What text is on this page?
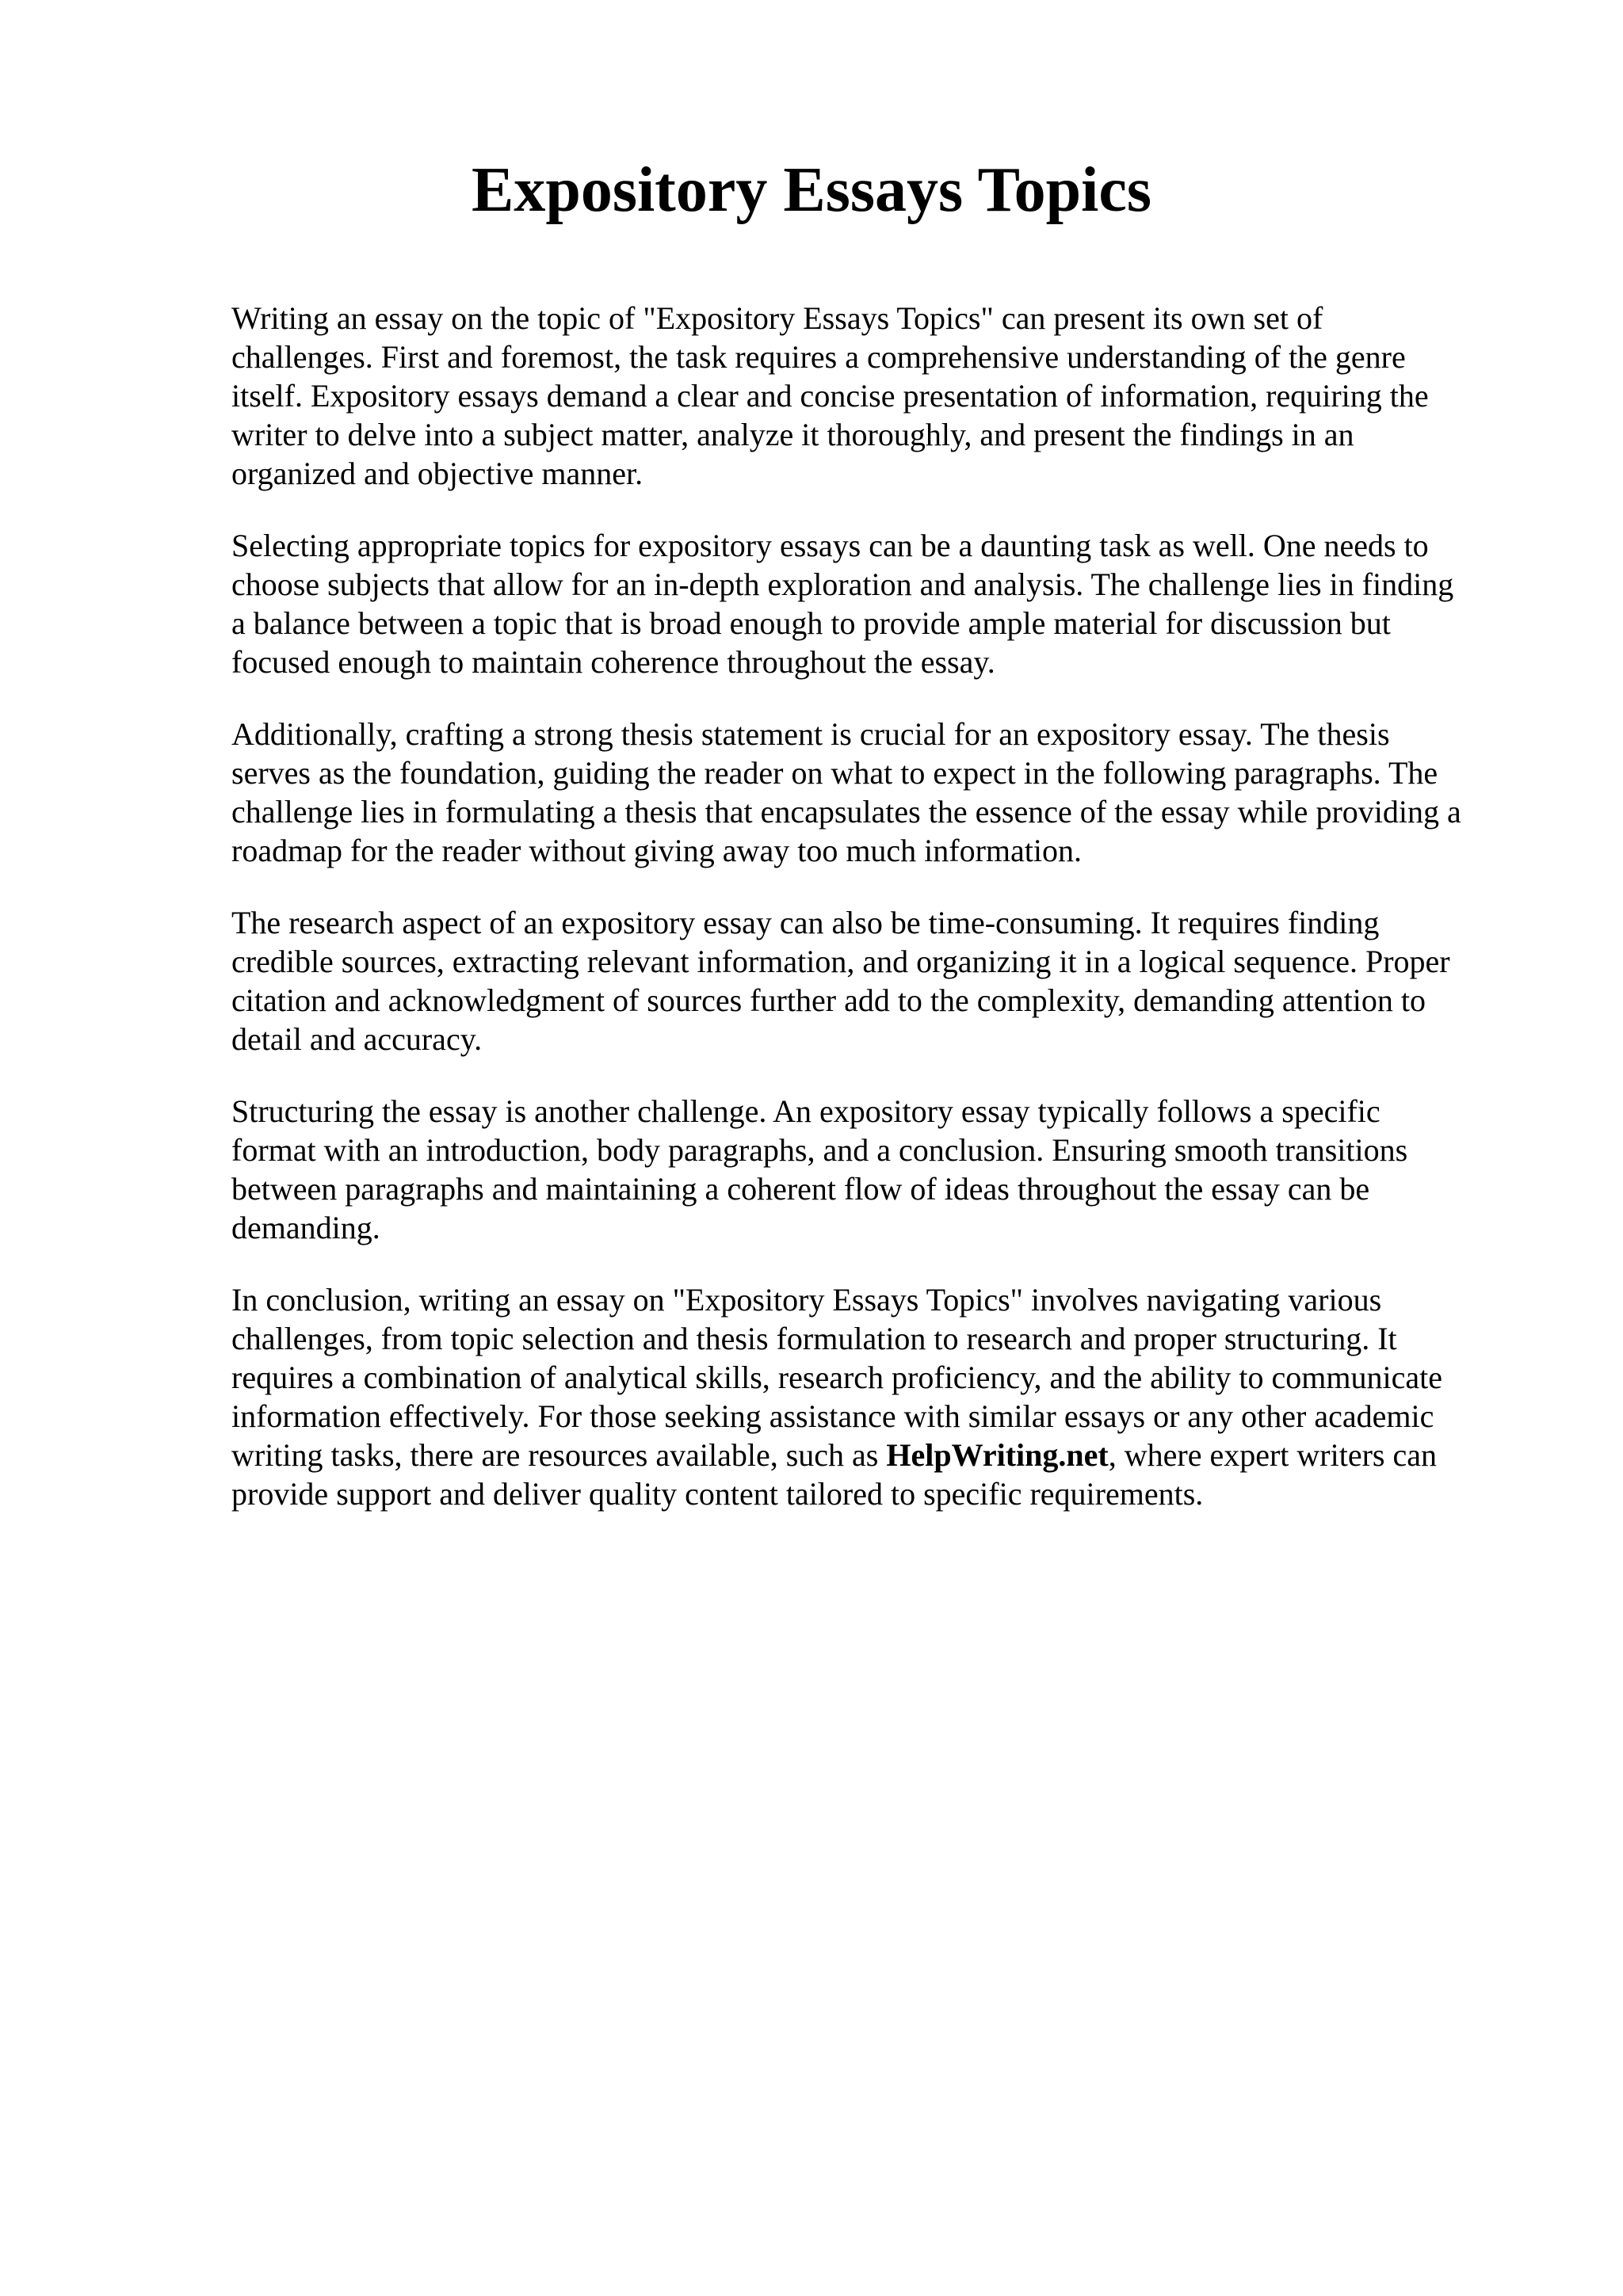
Expository Essays Topics

Writing an essay on the topic of "Expository Essays Topics" can present its own set of
challenges. First and foremost, the task requires a comprehensive understanding of the genre
itself. Expository essays demand a clear and concise presentation of information, requiring the
writer to delve into a subject matter, analyze it thoroughly, and present the findings in an
organized and objective manner.

Selecting appropriate topics for expository essays can be a daunting task as well. One needs to
choose subjects that allow for an in-depth exploration and analysis. The challenge lies in finding
a balance between a topic that is broad enough to provide ample material for discussion but
focused enough to maintain coherence throughout the essay.

Additionally, crafting a strong thesis statement is crucial for an expository essay. The thesis
serves as the foundation, guiding the reader on what to expect in the following paragraphs. The
challenge lies in formulating a thesis that encapsulates the essence of the essay while providing a
roadmap for the reader without giving away too much information.

The research aspect of an expository essay can also be time-consuming. It requires finding
credible sources, extracting relevant information, and organizing it in a logical sequence. Proper
citation and acknowledgment of sources further add to the complexity, demanding attention to
detail and accuracy.

Structuring the essay is another challenge. An expository essay typically follows a specific
format with an introduction, body paragraphs, and a conclusion. Ensuring smooth transitions
between paragraphs and maintaining a coherent flow of ideas throughout the essay can be
demanding.

In conclusion, writing an essay on "Expository Essays Topics" involves navigating various
challenges, from topic selection and thesis formulation to research and proper structuring. It
requires a combination of analytical skills, research proficiency, and the ability to communicate
information effectively. For those seeking assistance with similar essays or any other academic
writing tasks, there are resources available, such as HelpWriting.net, where expert writers can
provide support and deliver quality content tailored to specific requirements.
